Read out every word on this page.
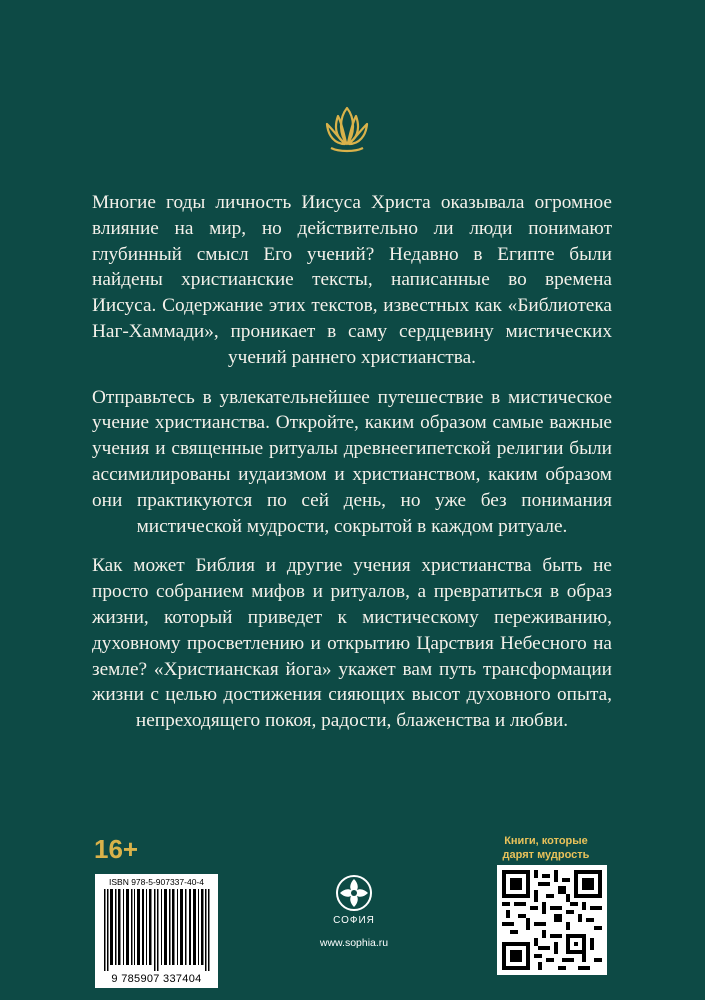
Многие годы личность Иисуса Христа оказывала огромное влияние на мир, но действительно ли люди понимают глубинный смысл Его учений? Недавно в Египте были найдены христианские тексты, написанные во времена Иисуса. Содержание этих текстов, известных как «Библиотека Наг-Хаммади», проникает в саму сердцевину мистических учений раннего христианства.

Отправьтесь в увлекательнейшее путешествие в мистическое учение христианства. Откройте, каким образом самые важные учения и священные ритуалы древнеегипетской религии были ассимилированы иудаизмом и христианством, каким образом они практикуются по сей день, но уже без понимания мистической мудрости, сокрытой в каждом ритуале.

Как может Библия и другие учения христианства быть не просто собранием мифов и ритуалов, а превратиться в образ жизни, который приведет к мистическому переживанию, духовному просветлению и открытию Царствия Небесного на земле? «Христианская йога» укажет вам путь трансформации жизни с целью достижения сияющих высот духовного опыта, непреходящего покоя, радости, блаженства и любви.

16+
ISBN 978-5-907337-40-4
9 785907 337404
СОФИЯ
www.sophia.ru
Книги, которые
дарят мудрость
